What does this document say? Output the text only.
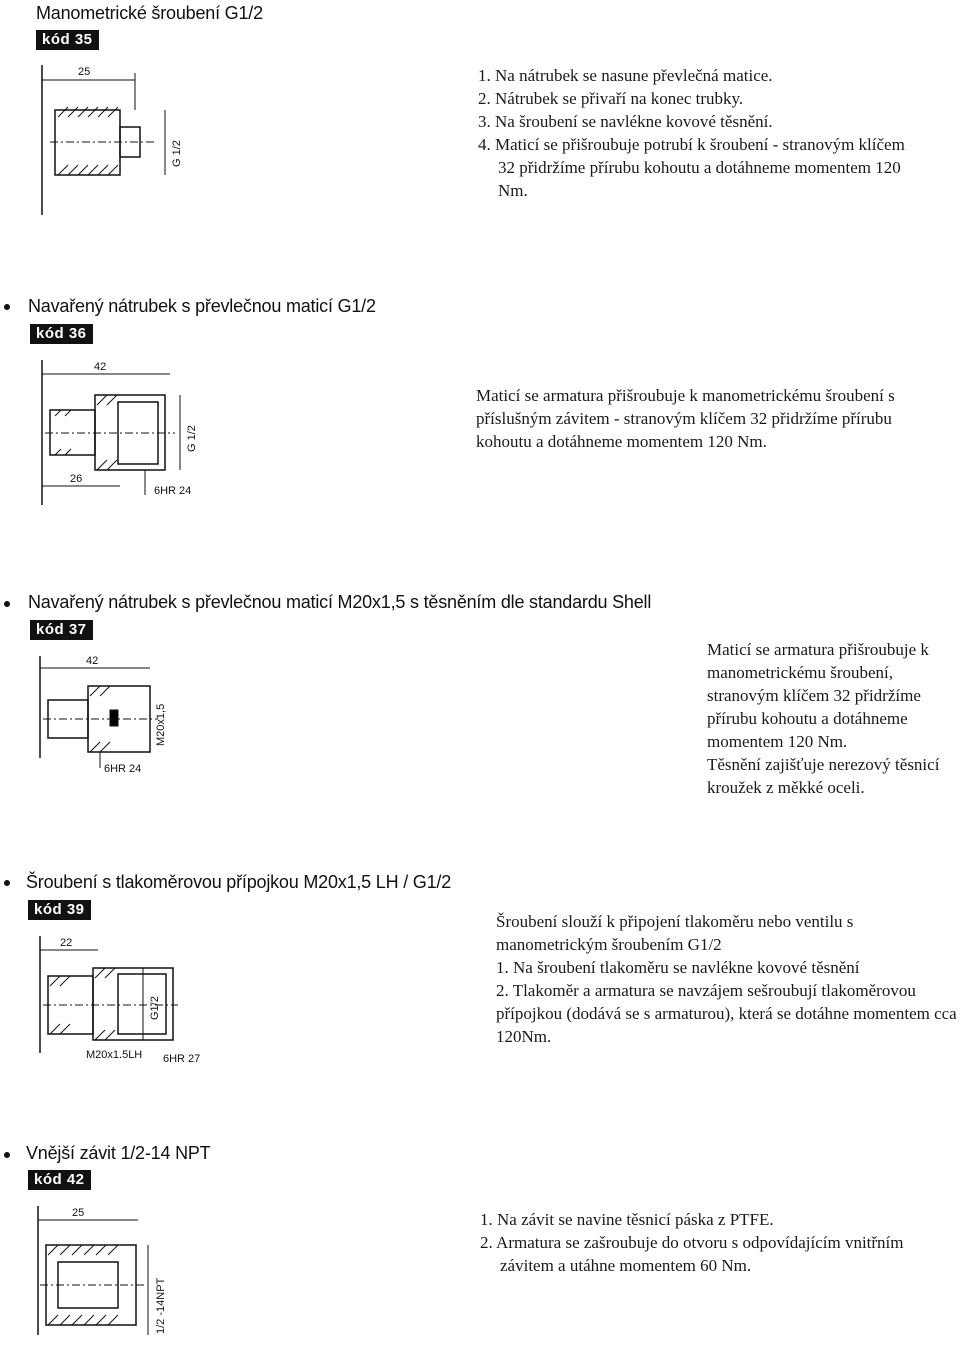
Manometrické šroubení G1/2
kód 35
25
G 1/2

1. Na nátrubek se nasune převlečná matice.

2. Nátrubek se přivaří na konec trubky.

3. Na šroubení se navlékne kovové těsnění.

4. Maticí se přišroubuje potrubí k šroubení - stranovým klíčem 32 přidržíme přírubu kohoutu a dotáhneme momentem 120 Nm.

Navařený nátrubek s převlečnou maticí G1/2
kód 36
42
G 1/2
26
6HR 24
Maticí se armatura přišroubuje k manometrickému šroubení s příslušným závitem - stranovým klíčem 32 přidržíme přírubu kohoutu a dotáhneme momentem 120 Nm.
Navařený nátrubek s převlečnou maticí M20x1,5 s těsněním dle standardu Shell
kód 37
42
M20x1,5
6HR 24

Maticí se armatura přišroubuje k manometrickému šroubení, stranovým klíčem 32 přidržíme přírubu kohoutu a dotáhneme momentem 120 Nm.

Těsnění zajišťuje nerezový těsnicí kroužek z měkké oceli.

Šroubení s tlakoměrovou přípojkou M20x1,5 LH / G1/2
kód 39
22
G1/2
M20x1.5LH 6HR 27

Šroubení slouží k připojení tlakoměru nebo ventilu s manometrickým šroubením G1/2

1. Na šroubení tlakoměru se navlékne kovové těsnění

2. Tlakoměr a armatura se navzájem sešroubují tlakoměrovou přípojkou (dodává se s armaturou), která se dotáhne momentem cca 120Nm.

Vnější závit 1/2-14 NPT
kód 42
25
1/2 -14NPT

1. Na závit se navine těsnicí páska z PTFE.

2. Armatura se zašroubuje do otvoru s odpovídajícím vnitřním závitem a utáhne momentem 60 Nm.
